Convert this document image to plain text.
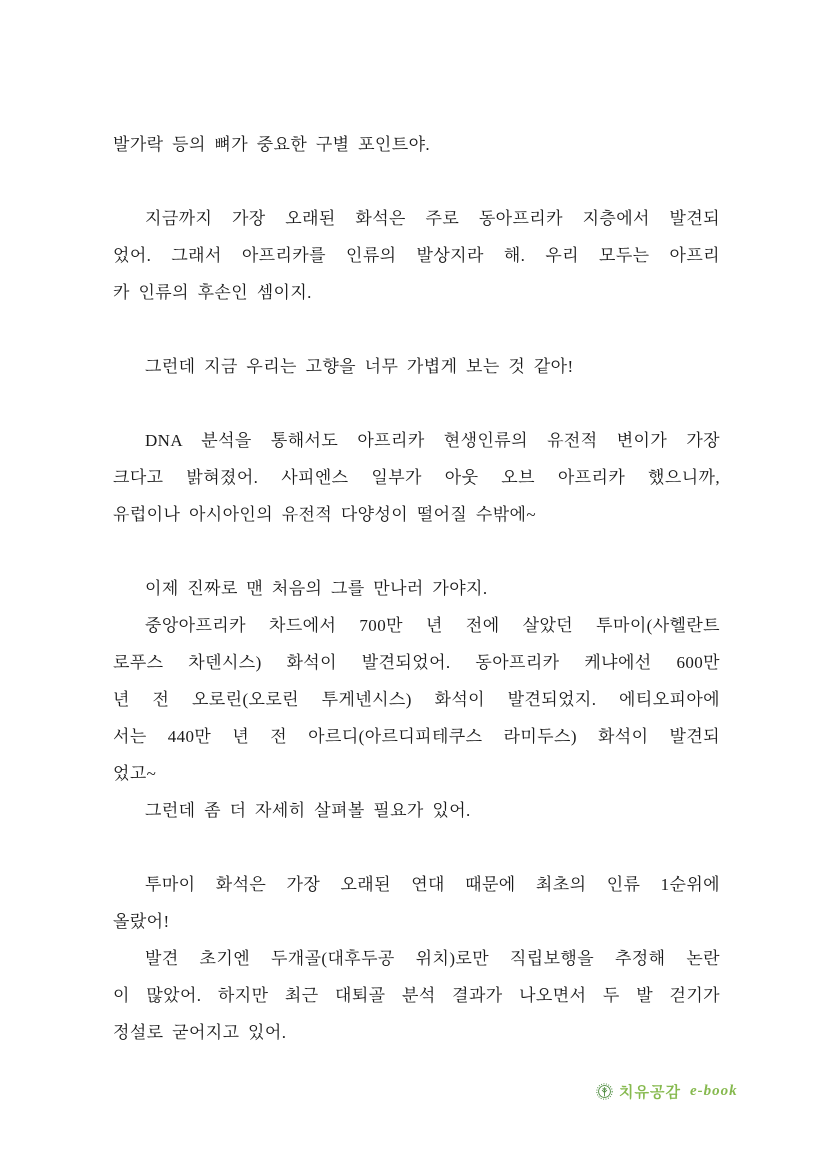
발가락 등의 뼈가 중요한 구별 포인트야.
지금까지 가장 오래된 화석은 주로 동아프리카 지층에서 발견되
었어. 그래서 아프리카를 인류의 발상지라 해. 우리 모두는 아프리
카 인류의 후손인 셈이지.
그런데 지금 우리는 고향을 너무 가볍게 보는 것 같아!
DNA 분석을 통해서도 아프리카 현생인류의 유전적 변이가 가장
크다고 밝혀졌어. 사피엔스 일부가 아웃 오브 아프리카 했으니까,
유럽이나 아시아인의 유전적 다양성이 떨어질 수밖에~
이제 진짜로 맨 처음의 그를 만나러 가야지.
중앙아프리카 차드에서 700만 년 전에 살았던 투마이(사헬란트
로푸스 차덴시스) 화석이 발견되었어. 동아프리카 케냐에선 600만
년 전 오로린(오로린 투게넨시스) 화석이 발견되었지. 에티오피아에
서는 440만 년 전 아르디(아르디피테쿠스 라미두스) 화석이 발견되
었고~
그런데 좀 더 자세히 살펴볼 필요가 있어.
투마이 화석은 가장 오래된 연대 때문에 최초의 인류 1순위에
올랐어!
발견 초기엔 두개골(대후두공 위치)로만 직립보행을 추정해 논란
이 많았어. 하지만 최근 대퇴골 분석 결과가 나오면서 두 발 걷기가
정설로 굳어지고 있어.
치유공감 e-book
